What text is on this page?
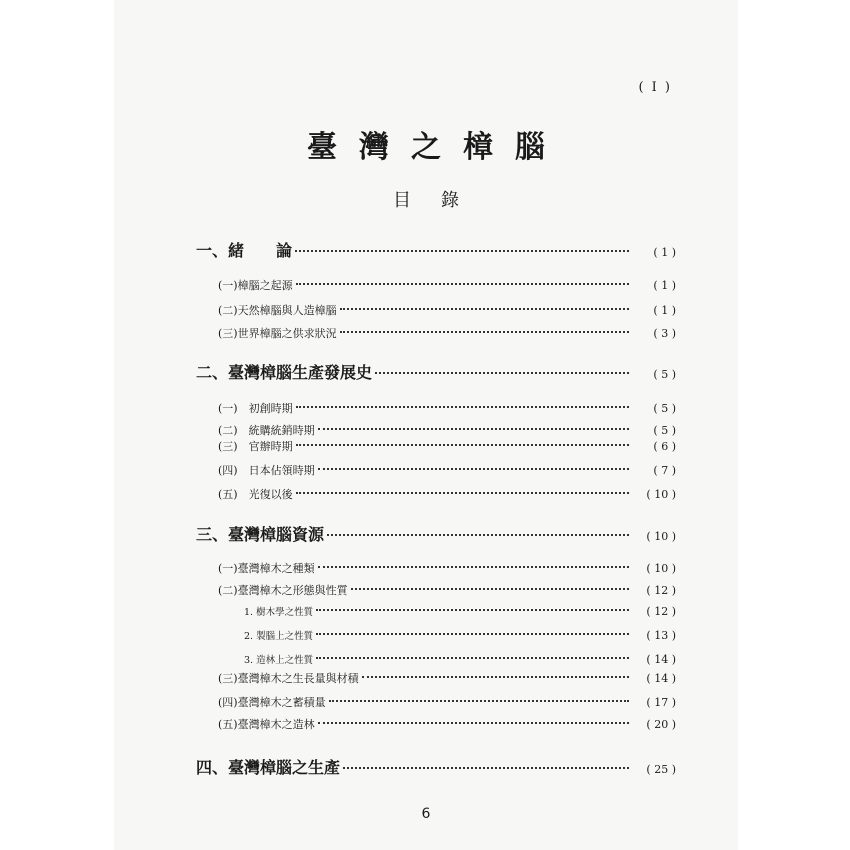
( I )
臺灣之樟腦
目錄
一、緒　　論	( 1 )
(一)樟腦之起源	( 1 )
(二)天然樟腦與人造樟腦	( 1 )
(三)世界樟腦之供求狀況	( 3 )
二、臺灣樟腦生產發展史	( 5 )
(一)　初創時期	( 5 )
(二)　統購統銷時期	( 5 )
(三)　官辦時期	( 6 )
(四)　日本佔領時期	( 7 )
(五)　光復以後	( 10 )
三、臺灣樟腦資源	( 10 )
(一)臺灣樟木之種類	( 10 )
(二)臺灣樟木之形態與性質	( 12 )
1. 樹木學之性質	( 12 )
2. 製腦上之性質	( 13 )
3. 造林上之性質	( 14 )
(三)臺灣樟木之生長量與材積	( 14 )
(四)臺灣樟木之蓄積量	( 17 )
(五)臺灣樟木之造林	( 20 )
四、臺灣樟腦之生產	( 25 )
6
